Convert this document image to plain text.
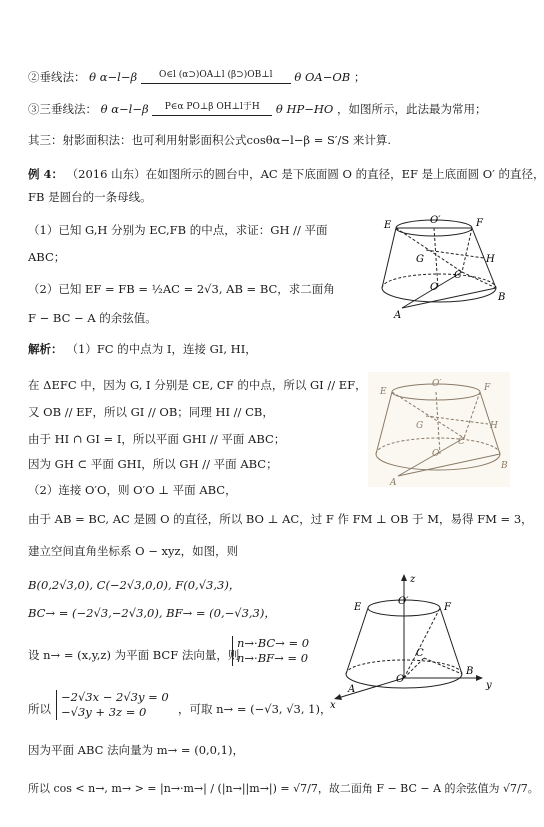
②垂线法： θ α−l−β O∈l (α⊃)OA⊥l (β⊃)OB⊥l θ OA−OB ；
③三垂线法： θ α−l−β P∈α PO⊥β OH⊥l于H θ HP−HO ，如图所示，此法最为常用；
其三：射影面积法：也可利用射影面积公式cosθα−l−β = S′/S 来计算.
例 4： （2016 山东）在如图所示的圆台中，AC 是下底面圆 O 的直径，EF 是上底面圆 O′ 的直径，
FB 是圆台的一条母线。
（1）已知 G,H 分别为 EC,FB 的中点，求证：GH // 平面
ABC；
（2）已知 EF = FB = ½AC = 2√3, AB = BC，求二面角
F − BC − A 的余弦值。
E	O′	F
G	H
C
O
B
A
解析： （1）FC 的中点为 I，连接 GI, HI，
在 ΔEFC 中，因为 G, I 分别是 CE, CF 的中点，所以 GI // EF，
又 OB // EF，所以 GI // OB；同理 HI // CB，
由于 HI ∩ GI = I，所以平面 GHI // 平面 ABC；
因为 GH ⊂ 平面 GHI，所以 GH // 平面 ABC；
（2）连接 O′O，则 O′O ⊥ 平面 ABC，
由于 AB = BC, AC 是圆 O 的直径，所以 BO ⊥ AC，过 F 作 FM ⊥ OB 于 M，易得 FM = 3，
建立空间直角坐标系 O − xyz，如图，则
B(0,2√3,0), C(−2√3,0,0), F(0,√3,3)，
BC→ = (−2√3,−2√3,0), BF→ = (0,−√3,3)，
设 n→ = (x,y,z) 为平面 BCF 法向量，则
n→·BC→ = 0
n→·BF→ = 0
所以
−2√3x − 2√3y = 0
−√3y + 3z = 0	，可取 n→ = (−√3, √3, 1)，
因为平面 ABC 法向量为 m→ = (0,0,1)，
所以 cos < n→, m→ > = |n→·m→| / (|n→||m→|) = √7/7，故二面角 F − BC − A 的余弦值为 √7/7。
E
O′	F
G	H
C
O
B
A
z
E
O′
F
C
O
B
y
A
x
